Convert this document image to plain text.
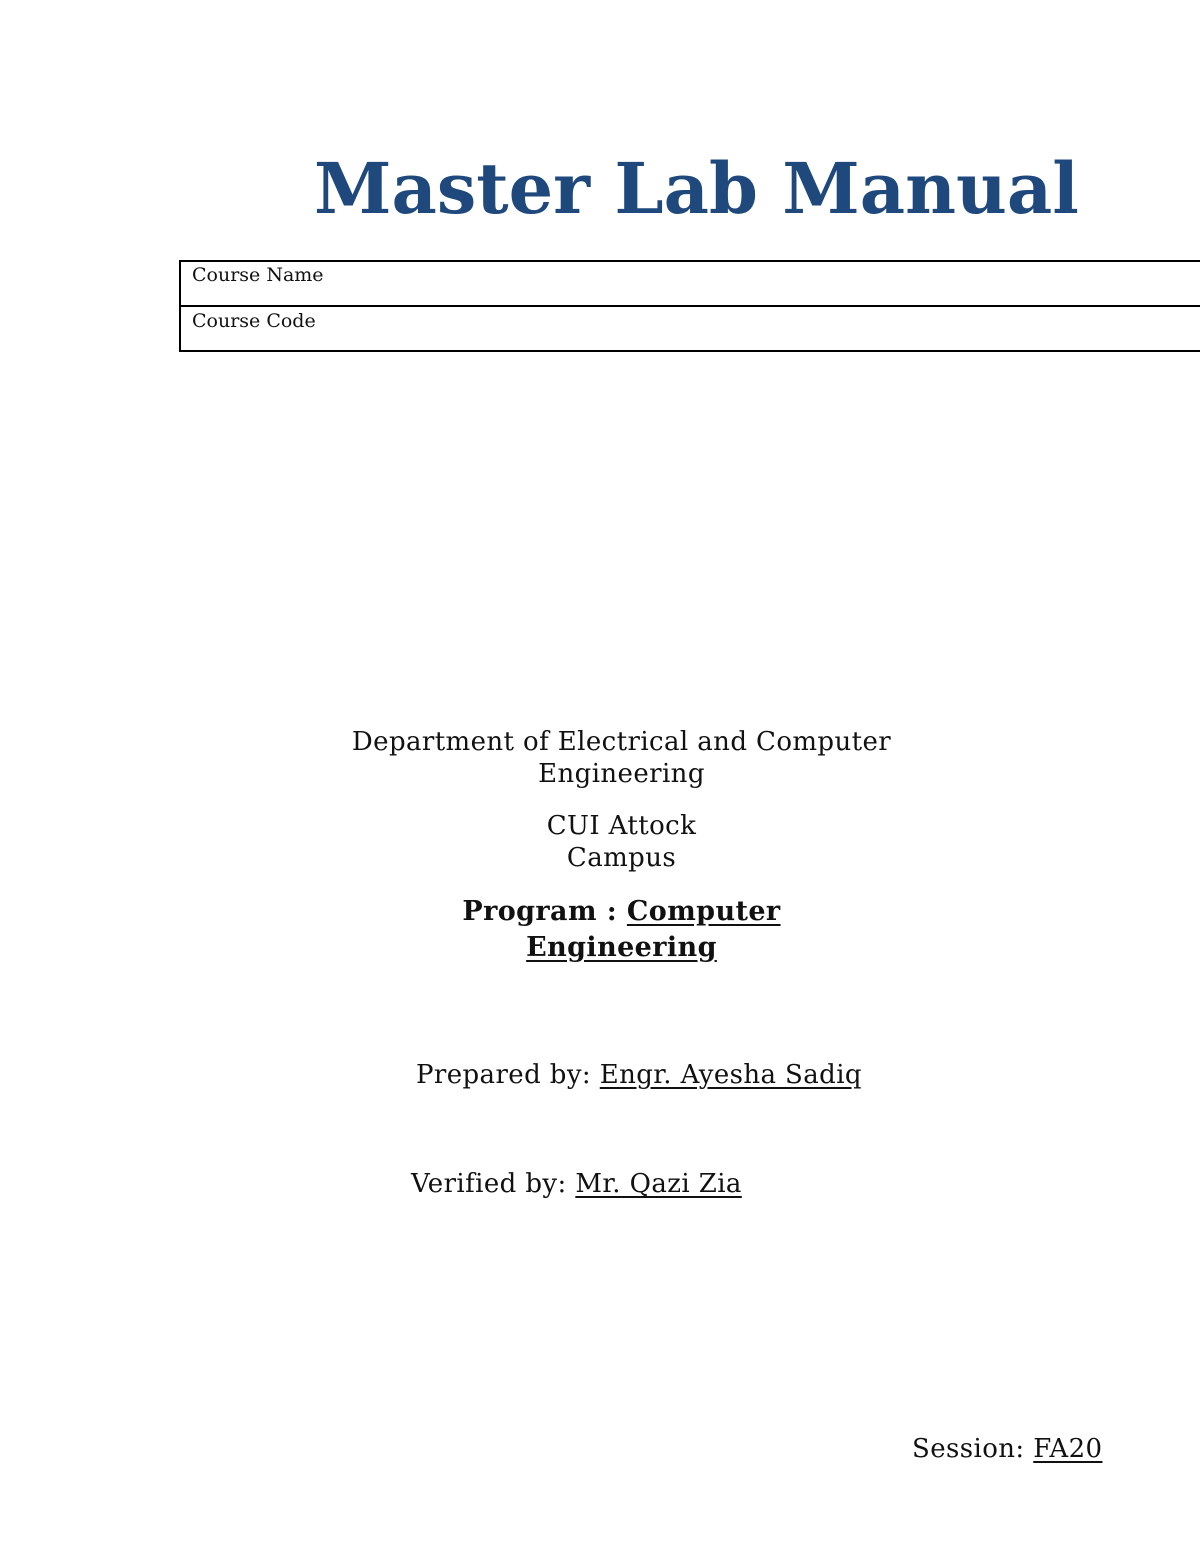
Master Lab Manual
Course Name
Course Code
Department of Electrical and Computer
Engineering
CUI Attock
Campus
Program : Computer
Engineering
Prepared by: Engr. Ayesha Sadiq
Verified by: Mr. Qazi Zia
Session: FA20
